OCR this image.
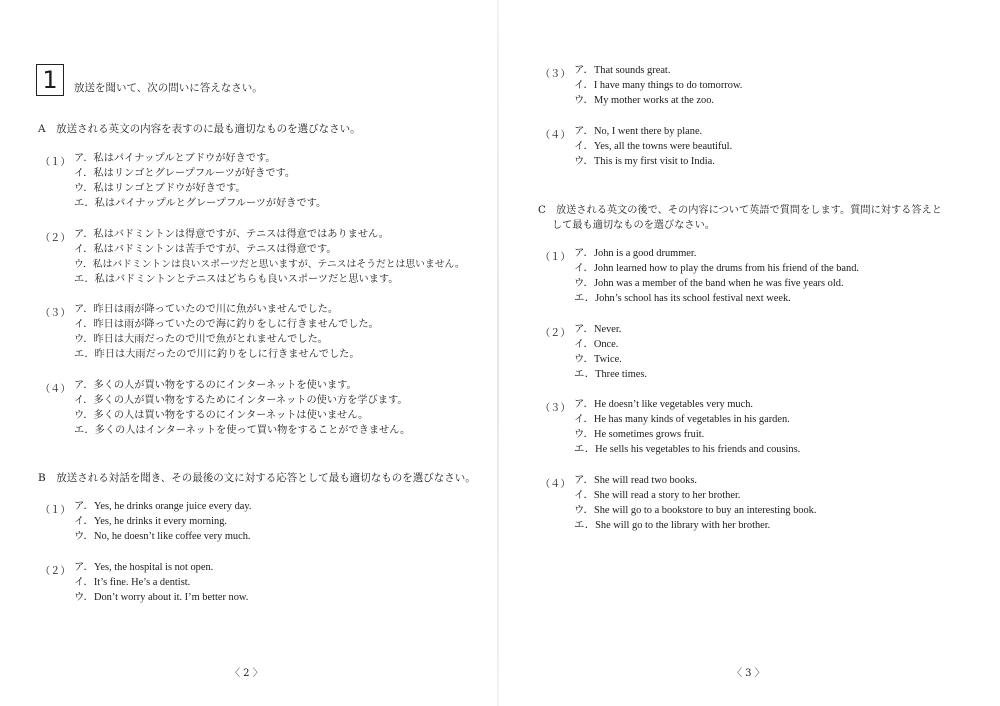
1	放送を聞いて、次の問いに答えなさい。
A　放送される英文の内容を表すのに最も適切なものを選びなさい。
（１） ア．私はパイナップルとブドウが好きです。
イ．私はリンゴとグレープフルーツが好きです。
ウ．私はリンゴとブドウが好きです。
エ．私はパイナップルとグレープフルーツが好きです。
（２） ア．私はバドミントンは得意ですが、テニスは得意ではありません。
イ．私はバドミントンは苦手ですが、テニスは得意です。
ウ．私はバドミントンは良いスポーツだと思いますが、テニスはそうだとは思いません。
エ．私はバドミントンとテニスはどちらも良いスポーツだと思います。
（３） ア．昨日は雨が降っていたので川に魚がいませんでした。
イ．昨日は雨が降っていたので海に釣りをしに行きませんでした。
ウ．昨日は大雨だったので川で魚がとれませんでした。
エ．昨日は大雨だったので川に釣りをしに行きませんでした。
（４） ア．多くの人が買い物をするのにインターネットを使います。
イ．多くの人が買い物をするためにインターネットの使い方を学びます。
ウ．多くの人は買い物をするのにインターネットは使いません。
エ．多くの人はインターネットを使って買い物をすることができません。
B　放送される対話を聞き、その最後の文に対する応答として最も適切なものを選びなさい。
（１） ア．Yes, he drinks orange juice every day.
イ．Yes, he drinks it every morning.
ウ．No, he doesn’t like coffee very much.
（２） ア．Yes, the hospital is not open.
イ．It’s fine. He’s a dentist.
ウ．Don’t worry about it. I’m better now.
〈 2 〉
（３） ア．That sounds great.
イ．I have many things to do tomorrow.
ウ．My mother works at the zoo.
（４） ア．No, I went there by plane.
イ．Yes, all the towns were beautiful.
ウ．This is my first visit to India.
C　放送される英文の後で、その内容について英語で質問をします。質問に対する答えと
して最も適切なものを選びなさい。
（１） ア．John is a good drummer.
イ．John learned how to play the drums from his friend of the band.
ウ．John was a member of the band when he was five years old.
エ．John’s school has its school festival next week.
（２） ア．Never.
イ．Once.
ウ．Twice.
エ．Three times.
（３） ア．He doesn’t like vegetables very much.
イ．He has many kinds of vegetables in his garden.
ウ．He sometimes grows fruit.
エ．He sells his vegetables to his friends and cousins.
（４） ア．She will read two books.
イ．She will read a story to her brother.
ウ．She will go to a bookstore to buy an interesting book.
エ．She will go to the library with her brother.
〈 3 〉
